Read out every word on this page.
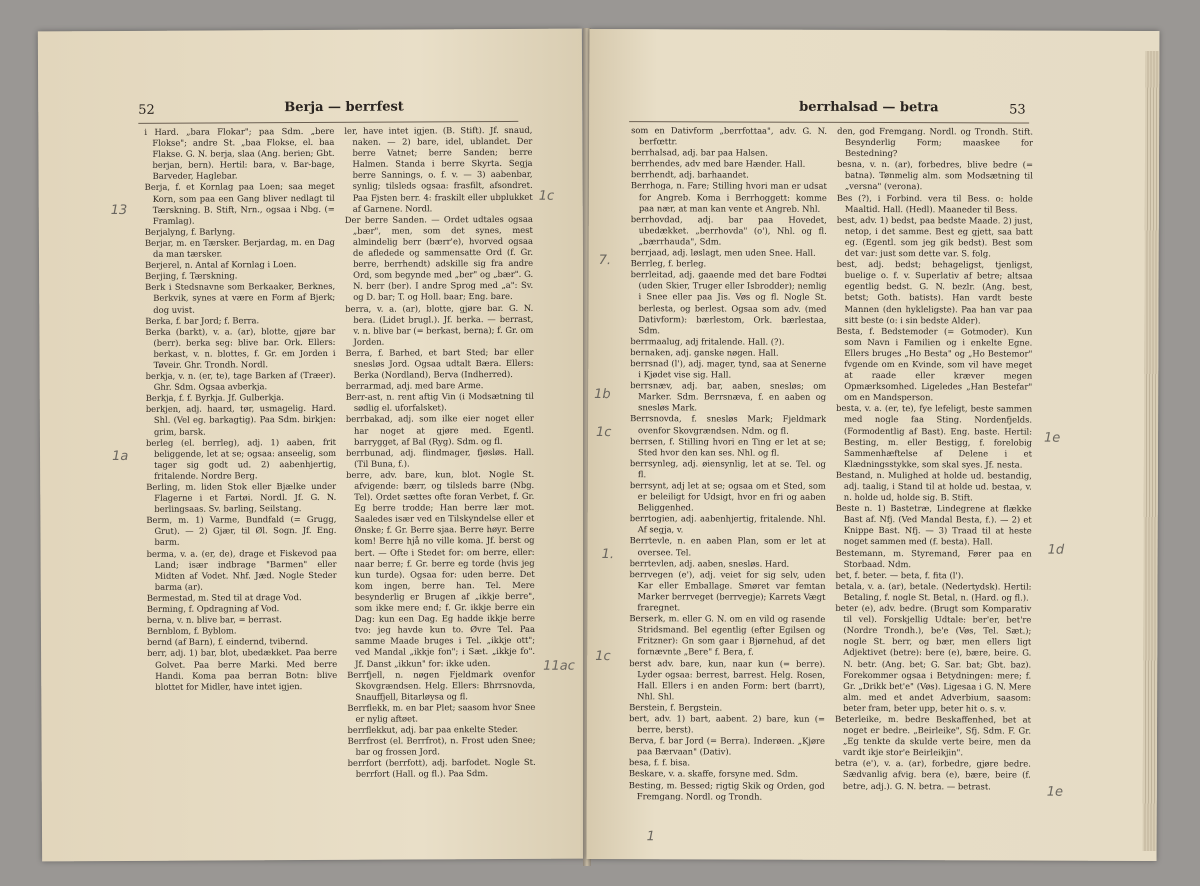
52	Berja — berrfest

i Hard. „bara Flokar"; paa Sdm. „bere Flokse"; andre St. „baa Flokse, el. baa Flakse. G. N. berja, slaa (Ang. berien; Gbt. berjan, bern). Hertil: bara, v. Bar-bage, Barveder, Haglebar.

Berja, f. et Kornlag paa Loen; saa meget Korn, som paa een Gang bliver nedlagt til Tærskning. B. Stift, Nrn., ogsaa i Nbg. (= Framlag).

Berjalyng, f. Barlyng.

Berjar, m. en Tærsker. Berjardag, m. en Dag da man tærsker.

Berjerel, n. Antal af Kornlag i Loen.

Berjing, f. Tærskning.

Berk i Stedsnavne som Berkaaker, Berknes, Berkvik, synes at være en Form af Bjerk; dog uvist.

Berka, f. bar Jord; f. Berra.

Berka (barkt), v. a. (ar), blotte, gjøre bar (berr). berka seg: blive bar. Ork. Ellers: berkast, v. n. blottes, f. Gr. em Jorden i Tøveir. Ghr. Trondh. Nordl.

berkja, v. n. (er, te), tage Barken af (Træer). Ghr. Sdm. Ogsaa avberkja.

Berkja, f. f. Byrkja. Jf. Gulberkja.

berkjen, adj. haard, tør, usmagelig. Hard. Shl. (Vel eg. barkagtig). Paa Sdm. birkjen: grim, barsk.

berleg (el. berrleg), adj. 1) aaben, frit beliggende, let at se; ogsaa: anseelig, som tager sig godt ud. 2) aabenhjertig, fritalende. Nordre Berg.

Berling, m. liden Stok eller Bjælke under Flagerne i et Fartøi. Nordl. Jf. G. N. berlingsaas. Sv. barling, Seilstang.

Berm, m. 1) Varme, Bundfald (= Grugg, Grut). — 2) Gjær, til Øl. Sogn. Jf. Eng. barm.

berma, v. a. (er, de), drage et Fiskevod paa Land; især indbrage "Barmen" eller Midten af Vodet. Nhf. Jæd. Nogle Steder barma (ar).

Bermestad, m. Sted til at drage Vod.

Berming, f. Opdragning af Vod.

berna, v. n. blive bar, = berrast.

Bernblom, f. Byblom.

bernd (af Barn), f. eindernd, tvibernd.

berr, adj. 1) bar, blot, ubedækket. Paa berre Golvet. Paa berre Marki. Med berre Handi. Koma paa berran Botn: blive blottet for Midler, have intet igjen.

ler, have intet igjen. (B. Stift). Jf. snaud, naken. — 2) bare, idel, ublandet. Der berre Vatnet; berre Sanden; berre Halmen. Standa i berre Skyrta. Segja berre Sannings, o. f. v. — 3) aabenbar, synlig; tilsleds ogsaa: frasfilt, afsondret. Paa Fjsten berr. 4: fraskilt eller ubplukket af Garnene. Nordl.

Der berre Sanden. — Ordet udtales ogsaa „bær", men, som det synes, mest almindelig berr (bærr'e), hvorved ogsaa de afledede og sammensatte Ord (f. Gr. berre, berrhendt) adskille sig fra andre Ord, som begynde med „ber" og „bær". G. N. berr (ber). I andre Sprog med „a": Sv. og D. bar; T. og Holl. baar; Eng. bare.

berra, v. a. (ar), blotte, gjøre bar. G. N. bera. (Lidet brugl.). Jf. berka. — berrast, v. n. blive bar (= berkast, berna); f. Gr. om Jorden.

Berra, f. Barhed, et bart Sted; bar eller snesløs Jord. Ogsaa udtalt Bæra. Ellers: Berka (Nordland), Berva (Indherred).

berrarmad, adj. med bare Arme.

Berr-ast, n. rent aftig Vin (i Modsætning til sødlig el. uforfalsket).

berrbakad, adj. som ilke eier noget eller har noget at gjøre med. Egentl. barrygget, af Bal (Ryg). Sdm. og fl.

berrbunad, adj. flindmager, fjøsløs. Hall. (Til Buna, f.).

berre, adv. bare, kun, blot. Nogle St. afvigende: bærr, og tilsleds barre (Nbg. Tel). Ordet sættes ofte foran Verbet, f. Gr. Eg berre trodde; Han berre lær mot. Saaledes især ved en Tilskyndelse eller et Ønske; f. Gr. Berre sjaa. Berre høyr. Berre kom! Berre hjå no ville koma. Jf. berst og bert. — Ofte i Stedet for: om berre, eller: naar berre; f. Gr. berre eg torde (hvis jeg kun turde). Ogsaa for: uden berre. Det kom ingen, berre han. Tel. Mere besynderlig er Brugen af „ikkje berre", som ikke mere end; f. Gr. ikkje berre ein Dag: kun een Dag. Eg hadde ikkje berre tvo: jeg havde kun to. Øvre Tel. Paa samme Maade bruges i Tel. „ikkje ott"; ved Mandal „ikkje fon"; i Sæt. „ikkje fo". Jf. Danst „ikkun" for: ikke uden.

Berrfjell, n. nøgen Fjeldmark ovenfor Skovgrændsen. Helg. Ellers: Bhrrsnovda, Snauffjell, Bitarløysa og fl.

Berrflekk, m. en bar Plet; saasom hvor Snee er nylig aftøet.

berrflekkut, adj. bar paa enkelte Steder.

Berrfrost (el. Berrfrot), n. Frost uden Snee; bar og frossen Jord.

berrfort (berrfott), adj. barfodet. Nogle St. berrfort (Hall. og fl.). Paa Sdm.

13
1a
1c
11ac
berrhalsad — betra	53

som en Dativform „berrfottaa", adv. G. N. berfœttr.

berrhalsad, adj. bar paa Halsen.

berrhendes, adv med bare Hænder. Hall.

berrhendt, adj. barhaandet.

Berrhoga, n. Fare; Stilling hvori man er udsat for Angreb. Koma i Berrhoggett: komme paa nær, at man kan vente et Angreb. Nhl.

berrhovdad, adj. bar paa Hovedet, ubedækket. „berrhovda" (o'), Nhl. og fl. „bærrhauda", Sdm.

berrjaad, adj. løslagt, men uden Snee. Hall.

Berrleg, f. berleg.

berrleitad, adj. gaaende med det bare Fodtøi (uden Skier, Truger eller Isbrodder); nemlig i Snee eller paa Jis. Vøs og fl. Nogle St. berlesta, og berlest. Ogsaa som adv. (med Dativform): bærlestom, Ork. bærlestaa, Sdm.

berrmaalug, adj fritalende. Hall. (?).

bernaken, adj. ganske nøgen. Hall.

berrsnad (l'), adj. mager, tynd, saa at Senerne i Kjødet vise sig. Hall.

berrsnæv, adj. bar, aaben, snesløs; om Marker. Sdm. Berrsnæva, f. en aaben og snesløs Mark.

Berrsnovda, f. snesløs Mark; Fjeldmark ovenfor Skovgrændsen. Ndm. og fl.

berrsen, f. Stilling hvori en Ting er let at se; Sted hvor den kan ses. Nhl. og fl.

berrsynleg, adj. øiensynlig, let at se. Tel. og fl.

berrsynt, adj let at se; ogsaa om et Sted, som er beleiligt for Udsigt, hvor en fri og aaben Beliggenhed.

berrtogien, adj. aabenhjertig, fritalende. Nhl. Af segja, v.

Berrtevle, n. en aaben Plan, som er let at oversee. Tel.

berrtevlen, adj. aaben, snesløs. Hard.

berrvegen (e'), adj. veiet for sig selv, uden Kar eller Emballage. Smøret var femtan Marker berrveget (berrvegje); Karrets Vægt fraregnet.

Berserk, m. eller G. N. om en vild og rasende Stridsmand. Bel egentlig (efter Egilsen og Fritzner): Gn som gaar i Bjørnehud, af det fornævnte „Bere" f. Bera, f.

berst adv. bare, kun, naar kun (= berre). Lyder ogsaa: berrest, barrest. Helg. Rosen, Hall. Ellers i en anden Form: bert (barrt), Nhl. Shl.

Berstein, f. Bergstein.

bert, adv. 1) bart, aabent. 2) bare, kun (= berre, berst).

Berva, f. bar Jord (= Berra). Inderøen. „Kjøre paa Bærvaan" (Dativ).

besa, f. f. bisa.

Beskare, v. a. skaffe, forsyne med. Sdm.

Besting, m. Bessed; rigtig Skik og Orden, god Fremgang. Nordl. og Trondh.

den, god Fremgang. Nordl. og Trondh. Stift. Besynderlig Form; maaskee for Bestedning?

besna, v. n. (ar), forbedres, blive bedre (= batna). Tønmelig alm. som Modsætning til „versna" (verona).

Bes (?), i Forbind. vera til Bess. o: holde Maaltid. Hall. (Hedl). Maaneder til Bess.

best, adv. 1) bedst, paa bedste Maade. 2) just, netop, i det samme. Best eg gjett, saa batt eg. (Egentl. som jeg gik bedst). Best som det var: just som dette var. S. folg.

best, adj. bedst; behageligst, tjenligst, buelige o. f. v. Superlativ af betre; altsaa egentlig bedst. G. N. bezlr. (Ang. best, betst; Goth. batists). Han vardt beste Mannen (den hykleligste). Paa han var paa sitt beste (o: i sin bedste Alder).

Besta, f. Bedstemoder (= Gotmoder). Kun som Navn i Familien og i enkelte Egne. Ellers bruges „Ho Besta" og „Ho Bestemor" fvgende om en Kvinde, som vil have meget at raade eller kræver megen Opmærksomhed. Ligeledes „Han Bestefar" om en Mandsperson.

besta, v. a. (er, te), fye lefeligt, beste sammen med nogle faa Sting. Nordenfjelds. (Formodentlig af Bast). Eng. baste. Hertil: Besting, m. eller Bestigg, f. forelobig Sammenhæftelse af Delene i et Klædningsstykke, som skal syes. Jf. nesta.

Bestand, n. Mulighed at holde ud. bestandig, adj. taalig, i Stand til at holde ud. bestaa, v. n. holde ud, holde sig. B. Stift.

Beste n. 1) Bastetræ, Lindegrene at flække Bast af. Nfj. (Ved Mandal Besta, f.). — 2) et Knippe Bast. Nfj. — 3) Traad til at heste noget sammen med (f. besta). Hall.

Bestemann, m. Styremand, Fører paa en Storbaad. Ndm.

bet, f. beter. — beta, f. fita (l').

betala, v. a. (ar), betale. (Nedertydsk). Hertil: Betaling, f. nogle St. Betal, n. (Hard. og fl.).

beter (e), adv. bedre. (Brugt som Komparativ til vel). Forskjellig Udtale: ber'er, bet're (Nordre Trondh.), be'e (Vøs, Tel. Sæt.); nogle St. berr, og bær, men ellers ligt Adjektivet (betre): bere (e), bære, beire. G. N. betr. (Ang. bet; G. Sar. bat; Gbt. baz). Forekommer ogsaa i Betydningen: mere; f. Gr. „Drikk bet'e" (Vøs). Ligesaa i G. N. Mere alm. med et andet Adverbium, saasom: beter fram, beter upp, beter hit o. s. v.

Beterleike, m. bedre Beskaffenhed, bet at noget er bedre. „Beirleike", Sfj. Sdm. F. Gr. „Eg tenkte da skulde verte beire, men da vardt ikje stor'e Beirleikjin".

betra (e'), v. a. (ar), forbedre, gjøre bedre. Sædvanlig afvig. bera (e), bære, beire (f. betre, adj.). G. N. betra. — betrast.

7.
1b
1c
1c
1.	1d
1e
1e
1
